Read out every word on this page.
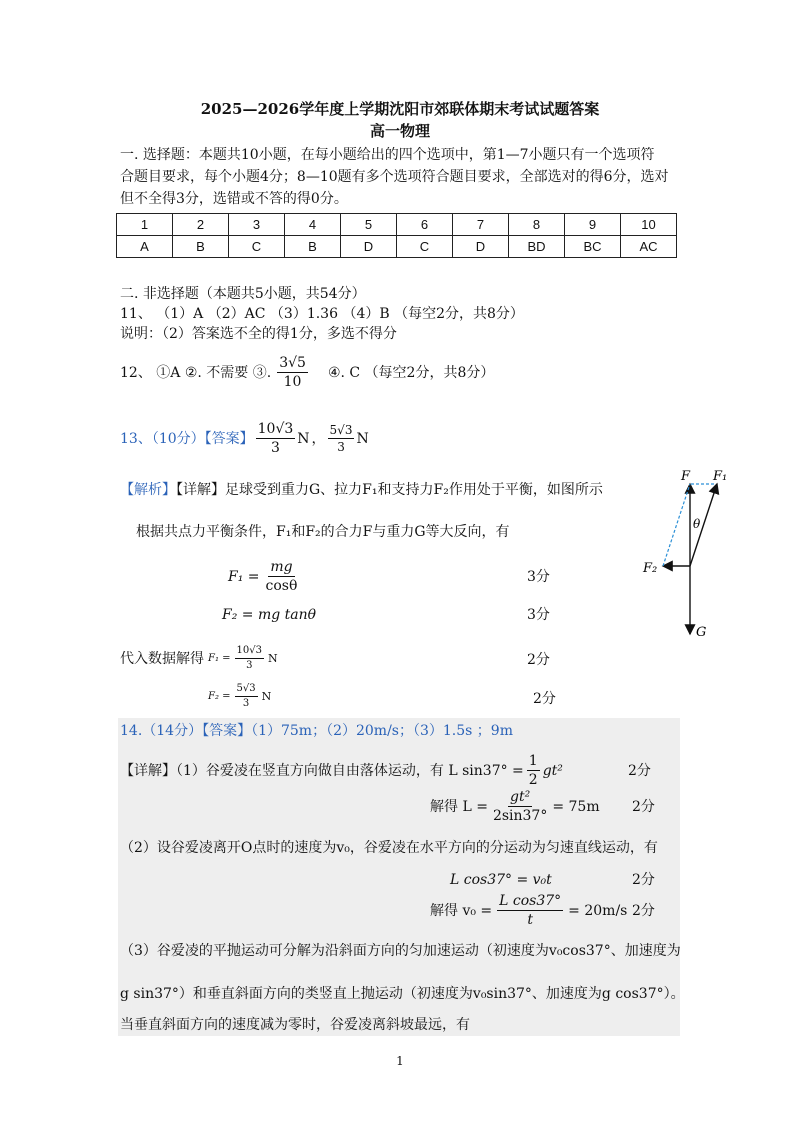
2025—2026学年度上学期沈阳市郊联体期末考试试题答案
高一物理
一. 选择题：本题共10小题，在每小题给出的四个选项中，第1—7小题只有一个选项符
合题目要求，每个小题4分；8—10题有多个选项符合题目要求，全部选对的得6分，选对
但不全得3分，选错或不答的得0分。
1	2	3	4	5	6	7	8	9	10
A	B	C	B	D	C	D	BD	BC	AC
二. 非选择题（本题共5小题，共54分）
11、 （1）A （2）AC （3）1.36 （4）B （每空2分，共8分）
说明：（2）答案选不全的得1分，多选不得分
12、 ①A ②. 不需要 ③. $\frac{3√5}{10}$ ④. C （每空2分，共8分）
13、（10分）【答案】 $\frac{10√3}{3}$ N ， $\frac{5√3}{3}$ N
【解析】【详解】足球受到重力G、拉力F₁和支持力F₂作用处于平衡，如图所示
根据共点力平衡条件，F₁和F₂的合力F与重力G等大反向，有
$F_1 = \frac{mg}{\cos\theta}$	3分
F₂ = mg tanθ	3分
代入数据解得 $F_1 = \frac{10√3}{3}$ N	2分
$F_2 = \frac{5√3}{3}$ N	2分
F F₁
F₂
θ
G
14.（14分）【答案】（1）75m；（2）20m/s；（3）1.5s ；9m
【详解】（1）谷爱凌在竖直方向做自由落体运动，有 L $\sin 37^\circ = \frac{1}{2} gt^2$	2分
解得 $L = \frac{\text{gt²}}{2\sin 37^\circ} = 75m$ 2分
（2）设谷爱凌离开O点时的速度为v₀，谷爱凌在水平方向的分运动为匀速直线运动，有
L cos37° = v₀t	2分
解得 $v_0 = \frac{\text{L cos37°}}{t} = 20m/s$ 2分
（3）谷爱凌的平抛运动可分解为沿斜面方向的匀加速运动（初速度为v₀cos37°、加速度为
g sin37°）和垂直斜面方向的类竖直上抛运动（初速度为v₀sin37°、加速度为g cos37°）。
当垂直斜面方向的速度减为零时，谷爱凌离斜坡最远，有
1
